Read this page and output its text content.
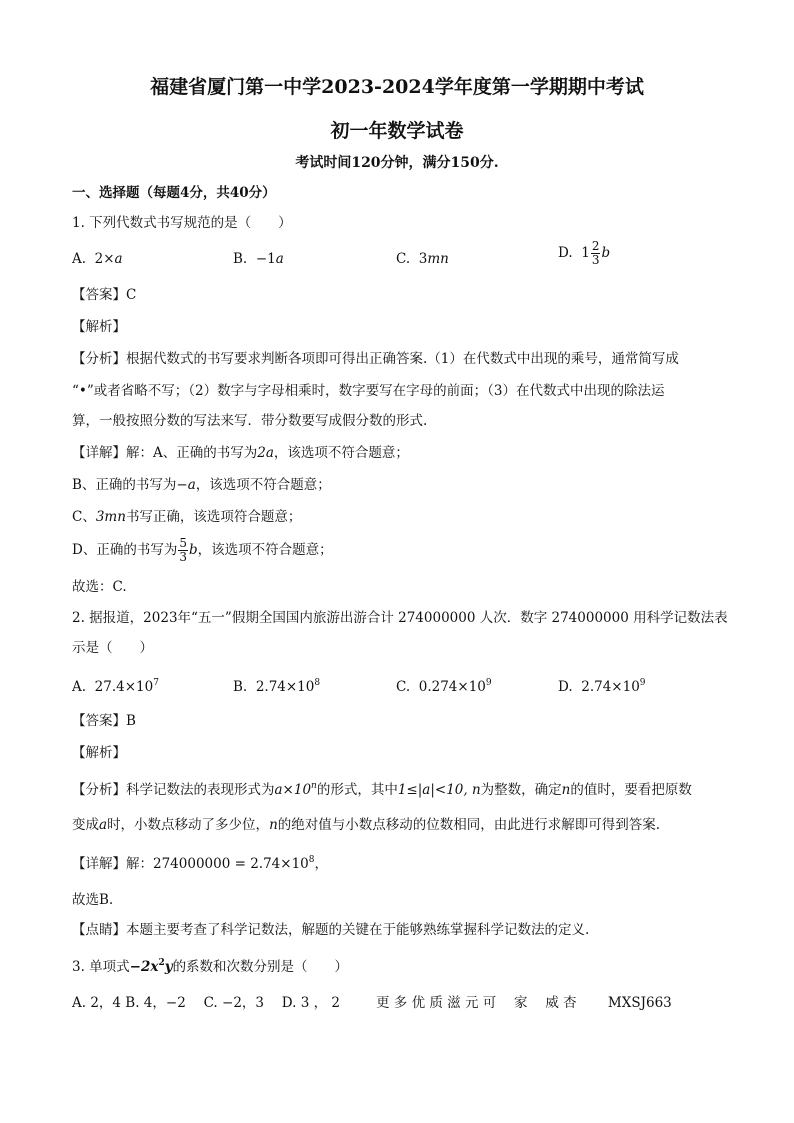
福建省厦门第一中学2023-2024学年度第一学期期中考试
初一年数学试卷
考试时间120分钟，满分150分.
一、选择题（每题4分，共40分）
1. 下列代数式书写规范的是（　　）
A. 2×a	B. −1a	C. 3mn	D. $1 \frac{2}{3}$ b
【答案】C
【解析】
【分析】根据代数式的书写要求判断各项即可得出正确答案.（1）在代数式中出现的乘号，通常简写成
“•”或者省略不写；（2）数字与字母相乘时，数字要写在字母的前面；（3）在代数式中出现的除法运
算，一般按照分数的写法来写．带分数要写成假分数的形式.
【详解】解：A、正确的书写为2a，该选项不符合题意；
B、正确的书写为−a，该选项不符合题意；
C、3mn书写正确，该选项符合题意；
D、正确的书写为 $\frac{5}{3}$ b，该选项不符合题意；
故选：C.
2. 据报道，2023年“五一”假期全国国内旅游出游合计 274000000 人次．数字 274000000 用科学记数法表
示是（　　）
A. $27.4\times 10^7$	B. $2.74\times 10^8$	C. $0.274\times 10^9$	D. $2.74\times 10^9$
【答案】B
【解析】
【分析】科学记数法的表现形式为$a\times 10^n$的形式，其中1≤|a|<10, n为整数，确定n的值时，要看把原数
变成a时，小数点移动了多少位，n的绝对值与小数点移动的位数相同，由此进行求解即可得到答案.
【详解】解：$274000000 = 2.74\times 10^8$，
故选B.
【点睛】本题主要考查了科学记数法，解题的关键在于能够熟练掌握科学记数法的定义.
3. 单项式$-2x^2y$的系数和次数分别是（　　）
A. 2，4 B. 4，−2 　C. −2，3 　D. 3 ， 2	更 多 优 质 滋 元 可 　家 　威 杏 　　MXSJ663
